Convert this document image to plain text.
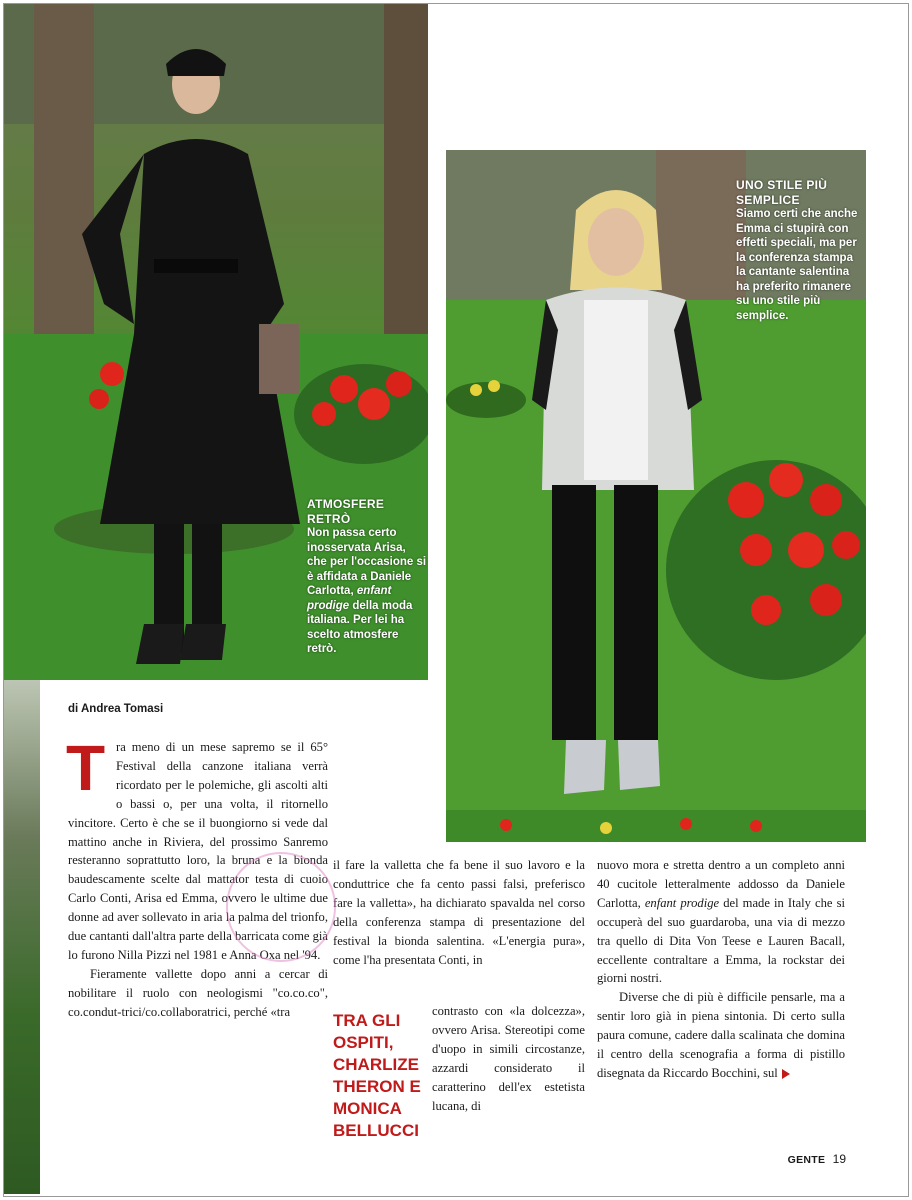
ATMOSFERE RETRÒ
Non passa certo inosservata Arisa, che per l'occasione si è affidata a Daniele Carlotta, enfant prodige della moda italiana. Per lei ha scelto atmosfere retrò.
UNO STILE PIÙ SEMPLICE
Siamo certi che anche Emma ci stupirà con effetti speciali, ma per la conferenza stampa la cantante salentina ha preferito rimanere su uno stile più semplice.
di Andrea Tomasi

Tra meno di un mese sapremo se il 65° Festival della canzone italiana verrà ricordato per le polemiche, gli ascolti alti o bassi o, per una volta, il ritornello vincitore. Certo è che se il buongiorno si vede dal mattino anche in Riviera, del prossimo Sanremo resteranno soprattutto loro, la bruna e la bionda baudescamente scelte dal mattator testa di cuoio Carlo Conti, Arisa ed Emma, ovvero le ultime due donne ad aver sollevato in aria la palma del trionfo, due cantanti dall'altra parte della barricata come già lo furono Nilla Pizzi nel 1981 e Anna Oxa nel '94.

Fieramente vallette dopo anni a cercar di nobilitare il ruolo con neologismi "co.co.co", co.condut-trici/co.collaboratrici, perché «tra

il fare la valletta che fa bene il suo lavoro e la conduttrice che fa cento passi falsi, preferisco fare la valletta», ha dichiarato spavalda nel corso della conferenza stampa di presentazione del festival la bionda salentina. «L'energia pura», come l'ha presentata Conti, in

contrasto con «la dolcezza», ovvero Arisa. Stereotipi come d'uopo in simili circostanze, azzardi considerato il caratterino dell'ex estetista lucana, di

TRA GLI OSPITI, CHARLIZE THERON E MONICA BELLUCCI

nuovo mora e stretta dentro a un completo anni 40 cucitole letteralmente addosso da Daniele Carlotta, enfant prodige del made in Italy che si occuperà del suo guardaroba, una via di mezzo tra quello di Dita Von Teese e Lauren Bacall, eccellente contraltare a Emma, la rockstar dei giorni nostri.

Diverse che di più è difficile pensarle, ma a sentir loro già in piena sintonia. Di certo sulla paura comune, cadere dalla scalinata che domina il centro della scenografia a forma di pistillo disegnata da Riccardo Bocchini, sul

GENTE 19
